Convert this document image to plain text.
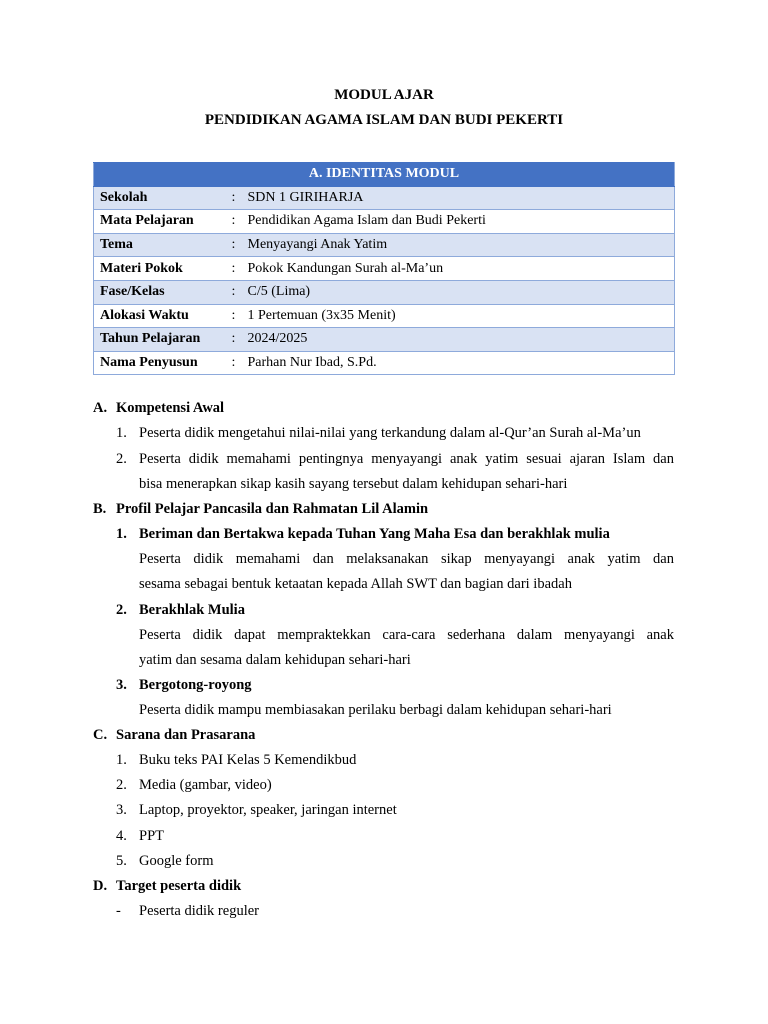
MODUL AJAR
PENDIDIKAN AGAMA ISLAM DAN BUDI PEKERTI
A. IDENTITAS MODUL		
Sekolah	:	SDN 1 GIRIHARJA
Mata Pelajaran	:	Pendidikan Agama Islam dan Budi Pekerti
Tema	:	Menyayangi Anak Yatim
Materi Pokok	:	Pokok Kandungan Surah al-Ma’un
Fase/Kelas	:	C/5 (Lima)
Alokasi Waktu	:	1 Pertemuan (3x35 Menit)
Tahun Pelajaran	:	2024/2025
Nama Penyusun	:	Parhan Nur Ibad, S.Pd.
A. Kompetensi Awal
1. Peserta didik mengetahui nilai-nilai yang terkandung dalam al-Qur’an Surah al-Ma’un
2. Peserta didik memahami pentingnya menyayangi anak yatim sesuai ajaran Islam dan
bisa menerapkan sikap kasih sayang tersebut dalam kehidupan sehari-hari
B. Profil Pelajar Pancasila dan Rahmatan Lil Alamin
1. Beriman dan Bertakwa kepada Tuhan Yang Maha Esa dan berakhlak mulia
Peserta didik memahami dan melaksanakan sikap menyayangi anak yatim dan
sesama sebagai bentuk ketaatan kepada Allah SWT dan bagian dari ibadah
2. Berakhlak Mulia
Peserta didik dapat mempraktekkan cara-cara sederhana dalam menyayangi anak
yatim dan sesama dalam kehidupan sehari-hari
3. Bergotong-royong
Peserta didik mampu membiasakan perilaku berbagi dalam kehidupan sehari-hari
C. Sarana dan Prasarana
1. Buku teks PAI Kelas 5 Kemendikbud
2. Media (gambar, video)
3. Laptop, proyektor, speaker, jaringan internet
4. PPT
5. Google form
D. Target peserta didik
- Peserta didik reguler
